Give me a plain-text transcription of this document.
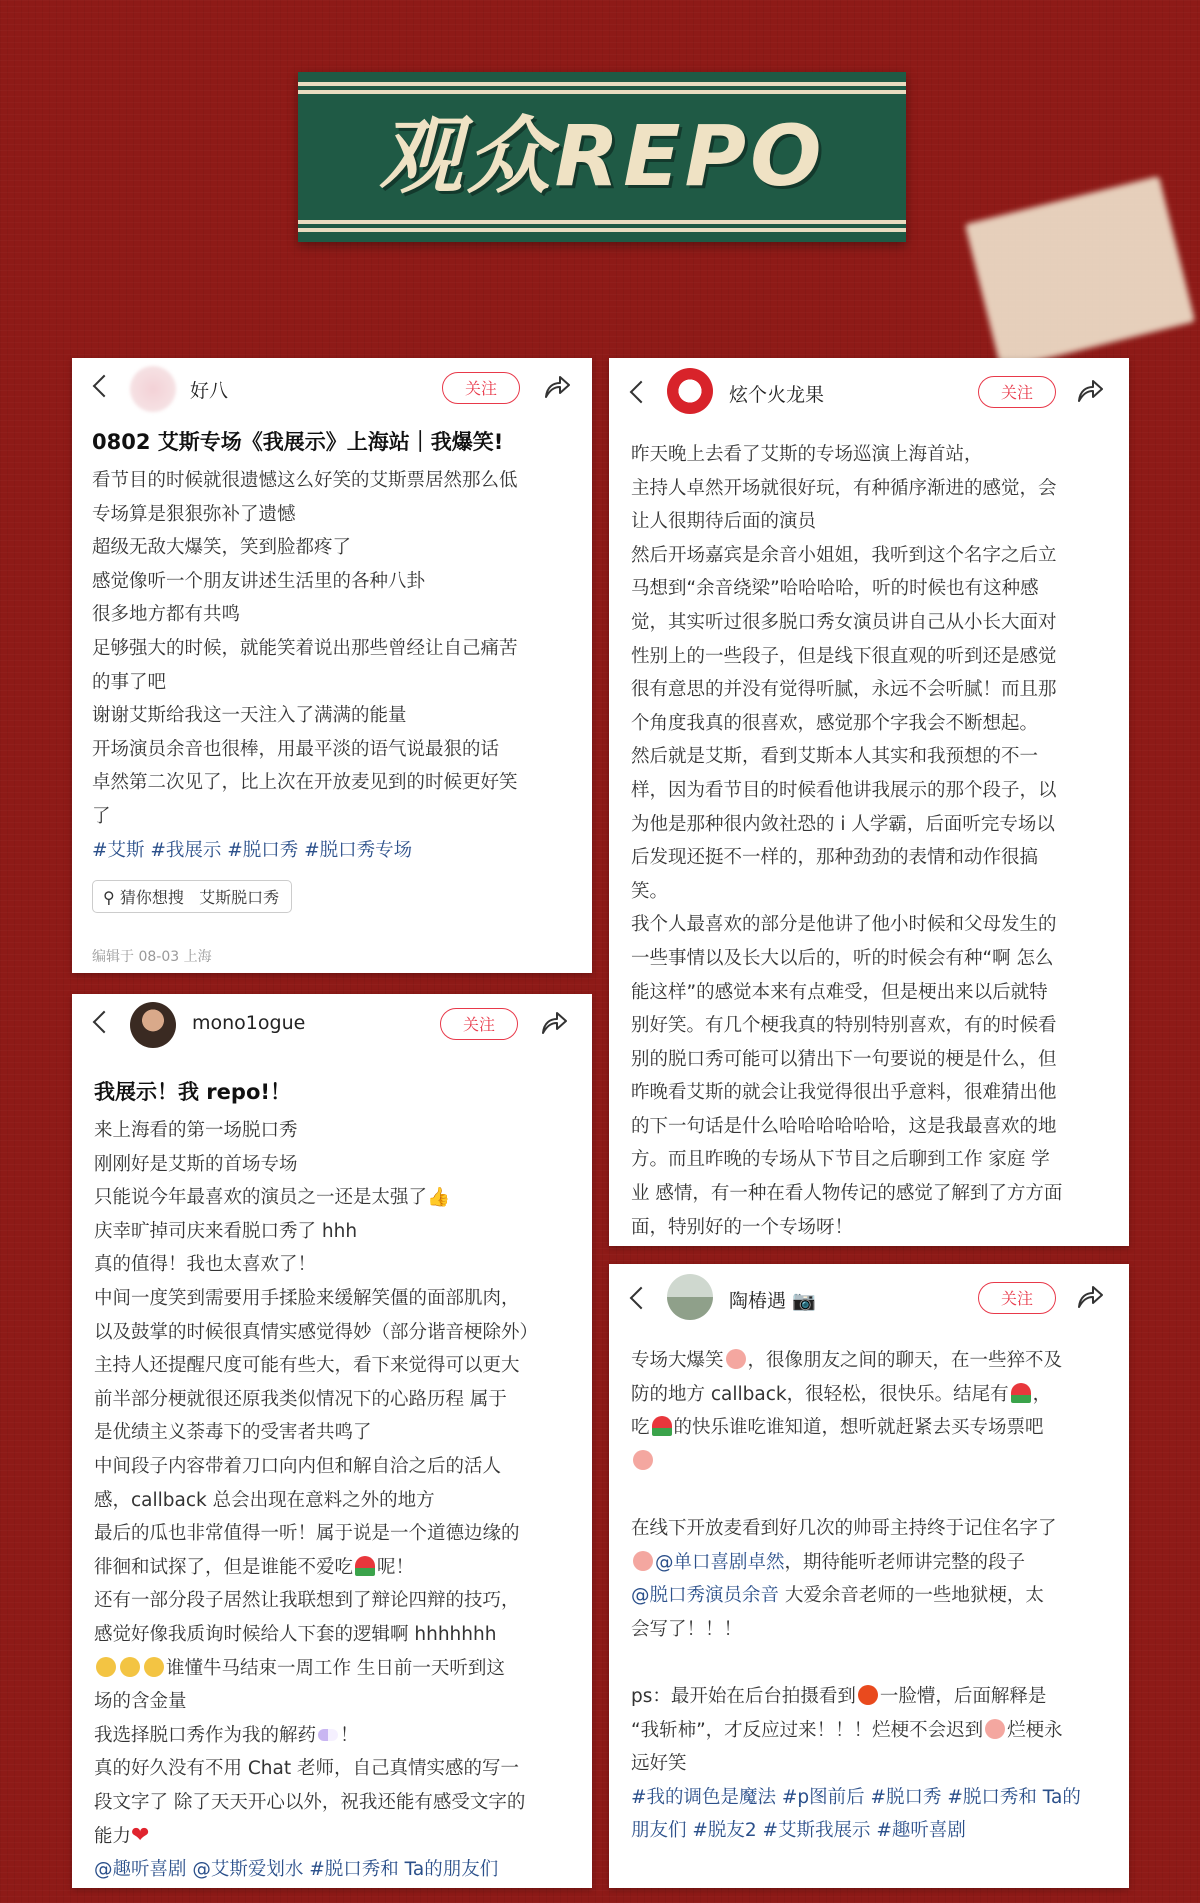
观众REPO
好八	关注
0802 艾斯专场《我展示》上海站｜我爆笑!
看节目的时候就很遗憾这么好笑的艾斯票居然那么低
专场算是狠狠弥补了遗憾
超级无敌大爆笑，笑到脸都疼了
感觉像听一个朋友讲述生活里的各种八卦
很多地方都有共鸣
足够强大的时候，就能笑着说出那些曾经让自己痛苦
的事了吧
谢谢艾斯给我这一天注入了满满的能量
开场演员余音也很棒，用最平淡的语气说最狠的话
卓然第二次见了，比上次在开放麦见到的时候更好笑
了
#艾斯 #我展示 #脱口秀 #脱口秀专场
⚲ 猜你想搜 艾斯脱口秀
编辑于 08-03 上海
mono1ogue	关注
我展示！我 repo!！
来上海看的第一场脱口秀
刚刚好是艾斯的首场专场
只能说今年最喜欢的演员之一还是太强了👍
庆幸旷掉司庆来看脱口秀了 hhh
真的值得！我也太喜欢了！
中间一度笑到需要用手揉脸来缓解笑僵的面部肌肉，
以及鼓掌的时候很真情实感觉得妙（部分谐音梗除外）
主持人还提醒尺度可能有些大，看下来觉得可以更大
前半部分梗就很还原我类似情况下的心路历程 属于
是优绩主义荼毒下的受害者共鸣了
中间段子内容带着刀口向内但和解自洽之后的活人
感，callback 总会出现在意料之外的地方
最后的瓜也非常值得一听！属于说是一个道德边缘的
徘徊和试探了，但是谁能不爱吃 呢！
还有一部分段子居然让我联想到了辩论四辩的技巧，
感觉好像我质询时候给人下套的逻辑啊 hhhhhhh
谁懂牛马结束一周工作 生日前一天听到这
场的含金量
我选择脱口秀作为我的解药 ！
真的好久没有不用 Chat 老师，自己真情实感的写一
段文字了 除了天天开心以外，祝我还能有感受文字的
能力❤
@趣听喜剧 @艾斯爱划水 #脱口秀和 Ta的朋友们
炫个火龙果	关注
昨天晚上去看了艾斯的专场巡演上海首站，
主持人卓然开场就很好玩，有种循序渐进的感觉，会
让人很期待后面的演员
然后开场嘉宾是余音小姐姐，我听到这个名字之后立
马想到“余音绕梁”哈哈哈哈，听的时候也有这种感
觉，其实听过很多脱口秀女演员讲自己从小长大面对
性别上的一些段子，但是线下很直观的听到还是感觉
很有意思的并没有觉得听腻，永远不会听腻！而且那
个角度我真的很喜欢，感觉那个字我会不断想起。
然后就是艾斯，看到艾斯本人其实和我预想的不一
样，因为看节目的时候看他讲我展示的那个段子，以
为他是那种很内敛社恐的 i 人学霸，后面听完专场以
后发现还挺不一样的，那种劲劲的表情和动作很搞
笑。
我个人最喜欢的部分是他讲了他小时候和父母发生的
一些事情以及长大以后的，听的时候会有种“啊 怎么
能这样”的感觉本来有点难受，但是梗出来以后就特
别好笑。有几个梗我真的特别特别喜欢，有的时候看
别的脱口秀可能可以猜出下一句要说的梗是什么，但
昨晚看艾斯的就会让我觉得很出乎意料，很难猜出他
的下一句话是什么哈哈哈哈哈哈，这是我最喜欢的地
方。而且昨晚的专场从下节目之后聊到工作 家庭 学
业 感情，有一种在看人物传记的感觉了解到了方方面
面，特别好的一个专场呀！
陶椿遇 📷	关注
专场大爆笑 ，很像朋友之间的聊天，在一些猝不及
防的地方 callback，很轻松，很快乐。结尾有 ，
吃 的快乐谁吃谁知道，想听就赶紧去买专场票吧
在线下开放麦看到好几次的帅哥主持终于记住名字了
@单口喜剧卓然，期待能听老师讲完整的段子
@脱口秀演员余音 大爱余音老师的一些地狱梗，太
会写了！！！
ps：最开始在后台拍摄看到 一脸懵，后面解释是
“我斩柿”，才反应过来！！！烂梗不会迟到 烂梗永
远好笑
#我的调色是魔法 #p图前后 #脱口秀 #脱口秀和 Ta的
朋友们 #脱友2 #艾斯我展示 #趣听喜剧
